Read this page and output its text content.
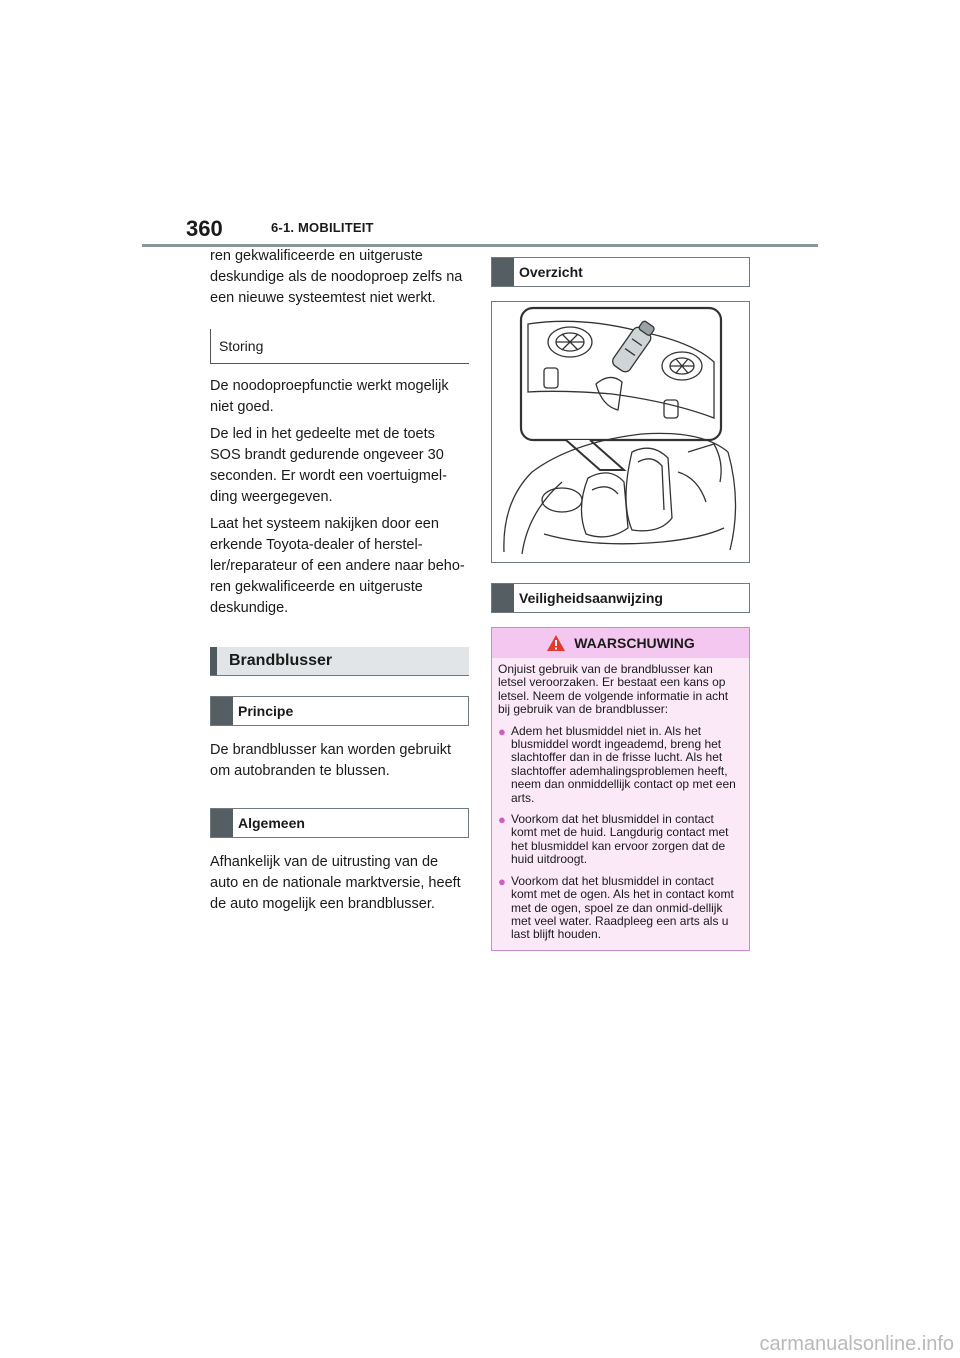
360	6-1. MOBILITEIT

ren gekwalificeerde en uitgeruste deskundige als de noodoproep zelfs na een nieuwe systeemtest niet werkt.

Storing

De noodoproepfunctie werkt mogelijk niet goed.

De led in het gedeelte met de toets SOS brandt gedurende ongeveer 30 seconden. Er wordt een voertuigmel-ding weergegeven.

Laat het systeem nakijken door een erkende Toyota-dealer of herstel-ler/reparateur of een andere naar beho-ren gekwalificeerde en uitgeruste deskundige.

Brandblusser
Principe

De brandblusser kan worden gebruikt om autobranden te blussen.

Algemeen

Afhankelijk van de uitrusting van de auto en de nationale marktversie, heeft de auto mogelijk een brandblusser.

Overzicht
Veiligheidsaanwijzing
WAARSCHUWING

Onjuist gebruik van de brandblusser kan letsel veroorzaken. Er bestaat een kans op letsel. Neem de volgende informatie in acht bij gebruik van de brandblusser:

● Adem het blusmiddel niet in. Als het blusmiddel wordt ingeademd, breng het slachtoffer dan in de frisse lucht. Als het slachtoffer ademhalingsproblemen heeft, neem dan onmiddellijk contact op met een arts.

● Voorkom dat het blusmiddel in contact komt met de huid. Langdurig contact met het blusmiddel kan ervoor zorgen dat de huid uitdroogt.

● Voorkom dat het blusmiddel in contact komt met de ogen. Als het in contact komt met de ogen, spoel ze dan onmid-dellijk met veel water. Raadpleeg een arts als u last blijft houden.

carmanualsonline.info
